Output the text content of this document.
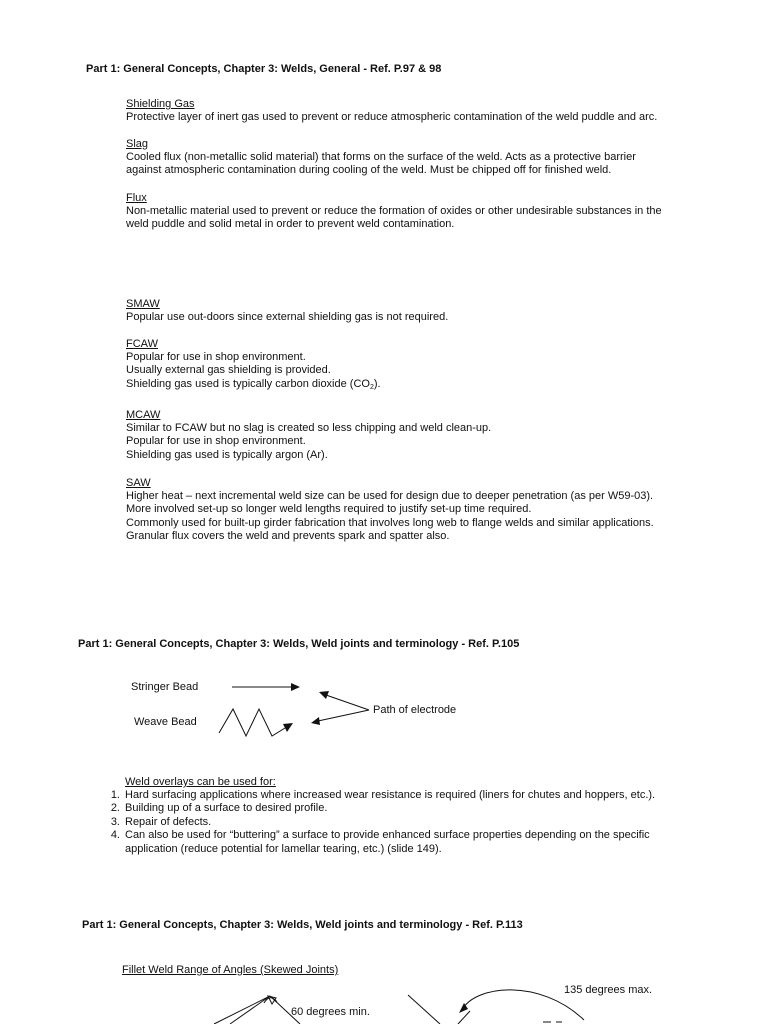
Part 1: General Concepts, Chapter 3: Welds, General - Ref. P.97 & 98
Shielding Gas
Protective layer of inert gas used to prevent or reduce atmospheric contamination of the weld puddle and arc.
Slag
Cooled flux (non-metallic solid material) that forms on the surface of the weld. Acts as a protective barrier
against atmospheric contamination during cooling of the weld. Must be chipped off for finished weld.
Flux
Non-metallic material used to prevent or reduce the formation of oxides or other undesirable substances in the
weld puddle and solid metal in order to prevent weld contamination.
SMAW
Popular use out-doors since external shielding gas is not required.
FCAW
Popular for use in shop environment.
Usually external gas shielding is provided.
Shielding gas used is typically carbon dioxide $(CO_2)$.
MCAW
Similar to FCAW but no slag is created so less chipping and weld clean-up.
Popular for use in shop environment.
Shielding gas used is typically argon (Ar).
SAW
Higher heat – next incremental weld size can be used for design due to deeper penetration (as per W59-03).
More involved set-up so longer weld lengths required to justify set-up time required.
Commonly used for built-up girder fabrication that involves long web to flange welds and similar applications.
Granular flux covers the weld and prevents spark and spatter also.
Part 1: General Concepts, Chapter 3: Welds, Weld joints and terminology - Ref. P.105
Stringer Bead
Weave Bead
Path of electrode
Weld overlays can be used for:
1. Hard surfacing applications where increased wear resistance is required (liners for chutes and hoppers, etc.).
2. Building up of a surface to desired profile.
3. Repair of defects.
4. Can also be used for “buttering” a surface to provide enhanced surface properties depending on the specific
application (reduce potential for lamellar tearing, etc.) (slide 149).
Part 1: General Concepts, Chapter 3: Welds, Weld joints and terminology - Ref. P.113
Fillet Weld Range of Angles (Skewed Joints)
135 degrees max.
60 degrees min.
